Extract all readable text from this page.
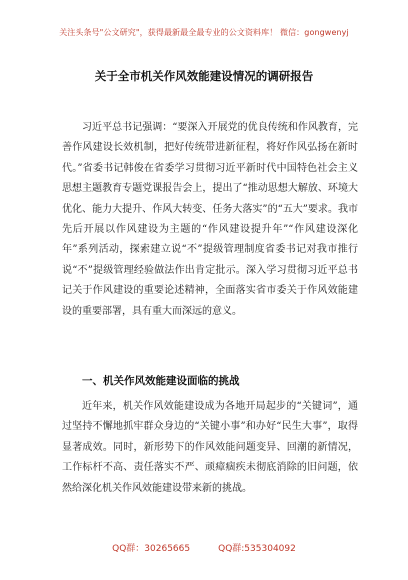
关注头条号"公文研究"，获得最新最全最专业的公文资料库！ 微信：gongwenyj
关于全市机关作风效能建设情况的调研报告

习近平总书记强调：“要深入开展党的优良传统和作风教育，完善作风建设长效机制，把好传统带进新征程，将好作风弘扬在新时代。”省委书记韩俊在省委学习贯彻习近平新时代中国特色社会主义思想主题教育专题党课报告会上，提出了“推动思想大解放、环境大优化、能力大提升、作风大转变、任务大落实”的“五大”要求。我市先后开展以作风建设为主题的“作风建设提升年”“作风建设深化年”系列活动，探索建立说“不”提级管理制度省委书记对我市推行说“不”提级管理经验做法作出肯定批示。深入学习贯彻习近平总书记关于作风建设的重要论述精神，全面落实省市委关于作风效能建设的重要部署，具有重大而深远的意义。

一、机关作风效能建设面临的挑战

近年来，机关作风效能建设成为各地开局起步的“关键词”，通过坚持不懈地抓牢群众身边的“关键小事”和办好“民生大事”，取得显著成效。同时，新形势下的作风效能问题变异、回潮的新情况，工作标杆不高、责任落实不严、顽瘴痼疾未彻底消除的旧问题，依然给深化机关作风效能建设带来新的挑战。

QQ群：30265665	QQ群:535304092
